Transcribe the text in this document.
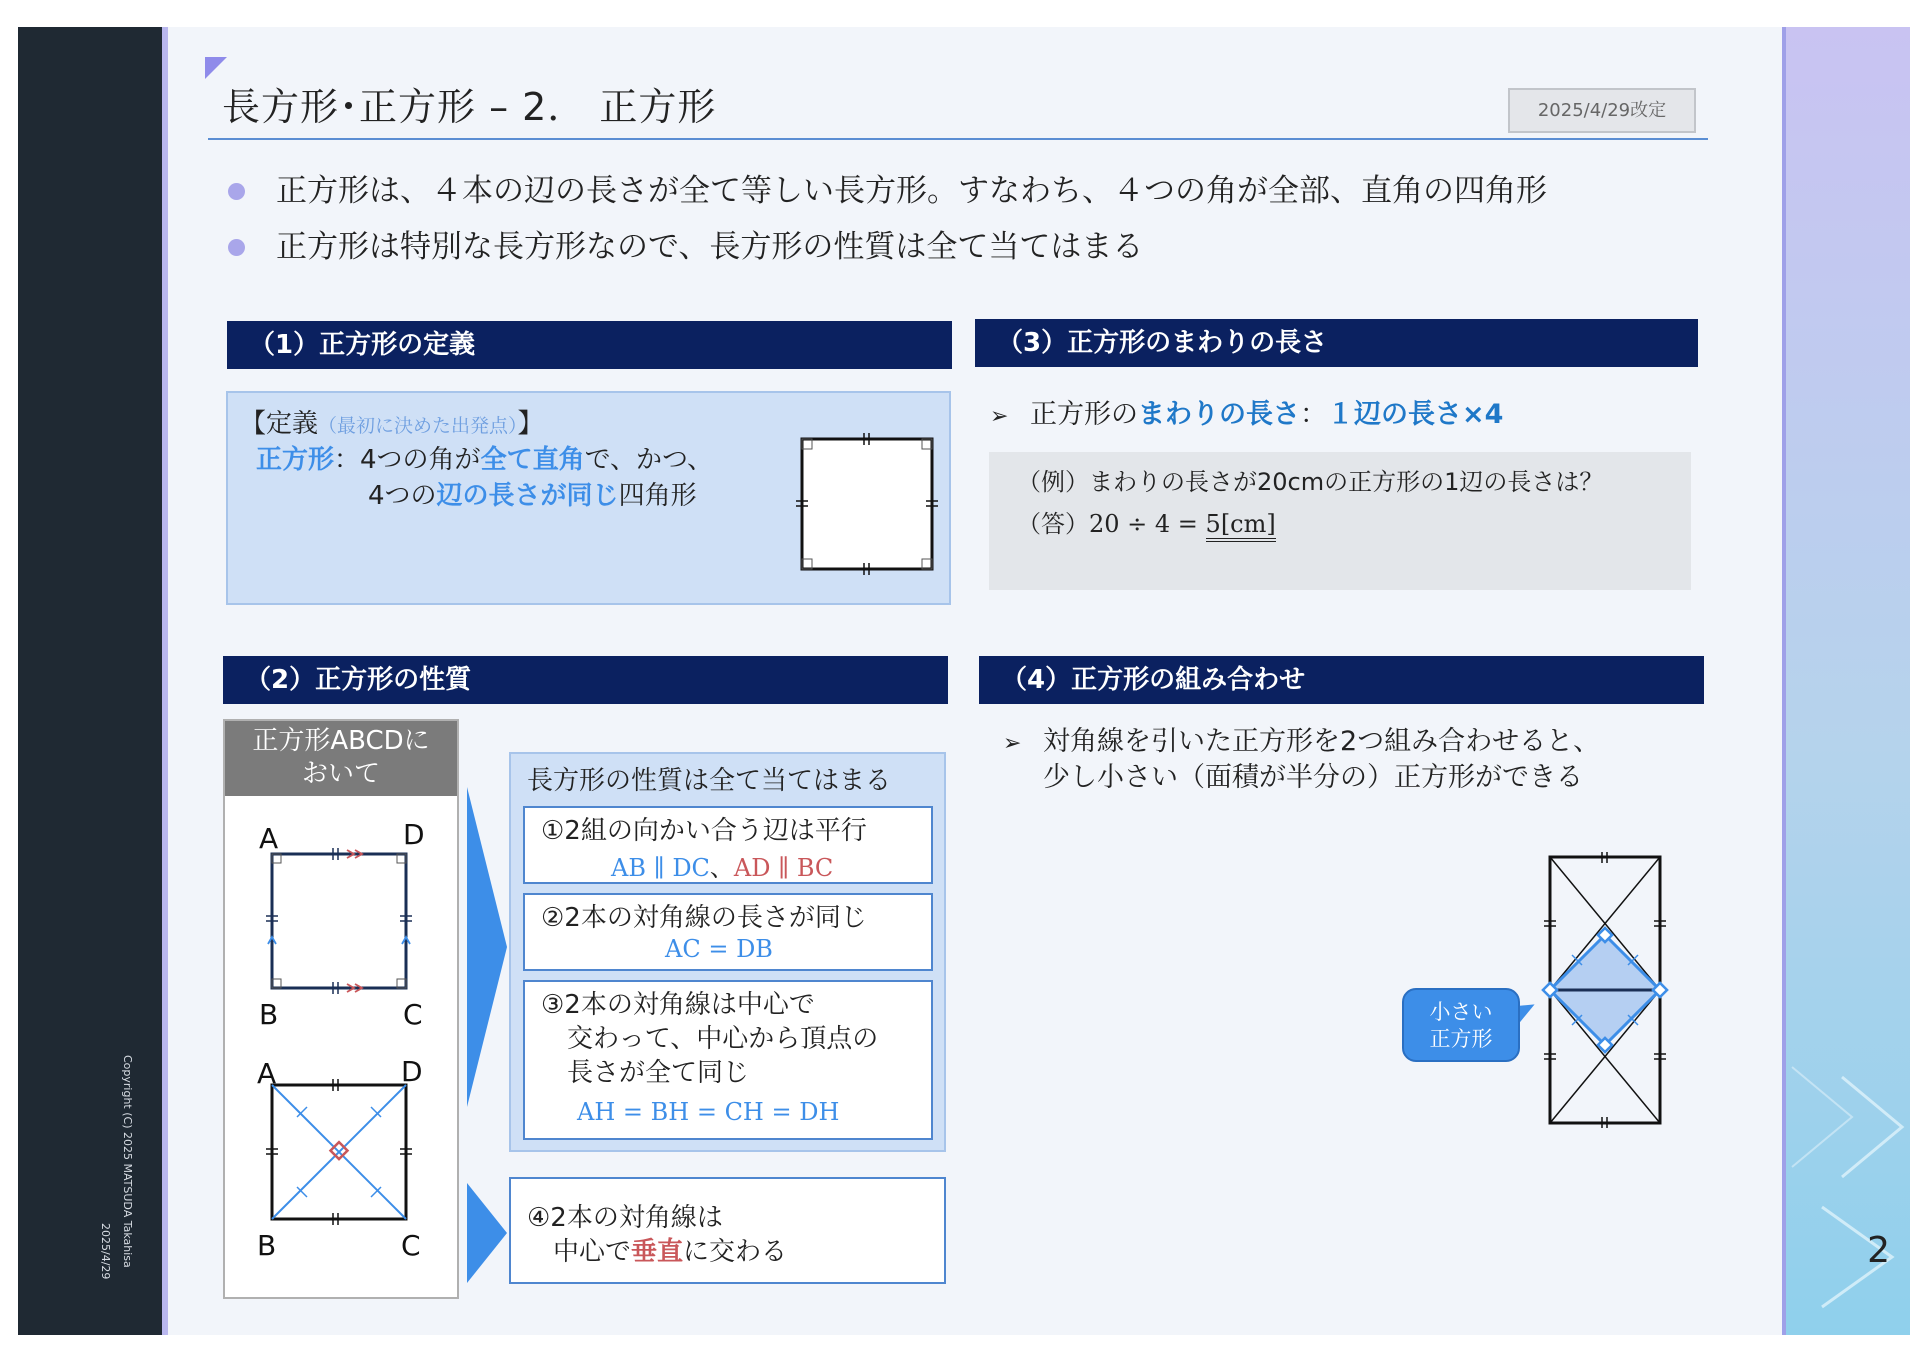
2
Copyright (C) 2025 MATSUDA Takahisa
2025/4/29
長方形･正方形 – 2． 正方形	2025/4/29改定
正方形は、４本の辺の長さが全て等しい長方形。すなわち、４つの角が全部、直角の四角形
正方形は特別な長方形なので、長方形の性質は全て当てはまる
（1）正方形の定義
【定義（最初に決めた出発点）】
正方形：4つの角が全て直角で、かつ、
4つの辺の長さが同じ四角形
（3）正方形のまわりの長さ
➢ 正方形のまわりの長さ：１辺の長さ×4
（例）まわりの長さが20cmの正方形の1辺の長さは？
（答）20 ÷ 4 = 5[cm]
（2）正方形の性質
正方形ABCDに
おいて
A	D
B	C
A	D
B	C
長方形の性質は全て当てはまる
①2組の向かい合う辺は平行
AB ∥ DC、AD ∥ BC
②2本の対角線の長さが同じ
AC = DB
③2本の対角線は中心で
交わって、中心から頂点の
長さが全て同じ
AH = BH = CH = DH
④2本の対角線は
中心で垂直に交わる
（4）正方形の組み合わせ
➢ 対角線を引いた正方形を2つ組み合わせると、
少し小さい（面積が半分の）正方形ができる
小さい
正方形
